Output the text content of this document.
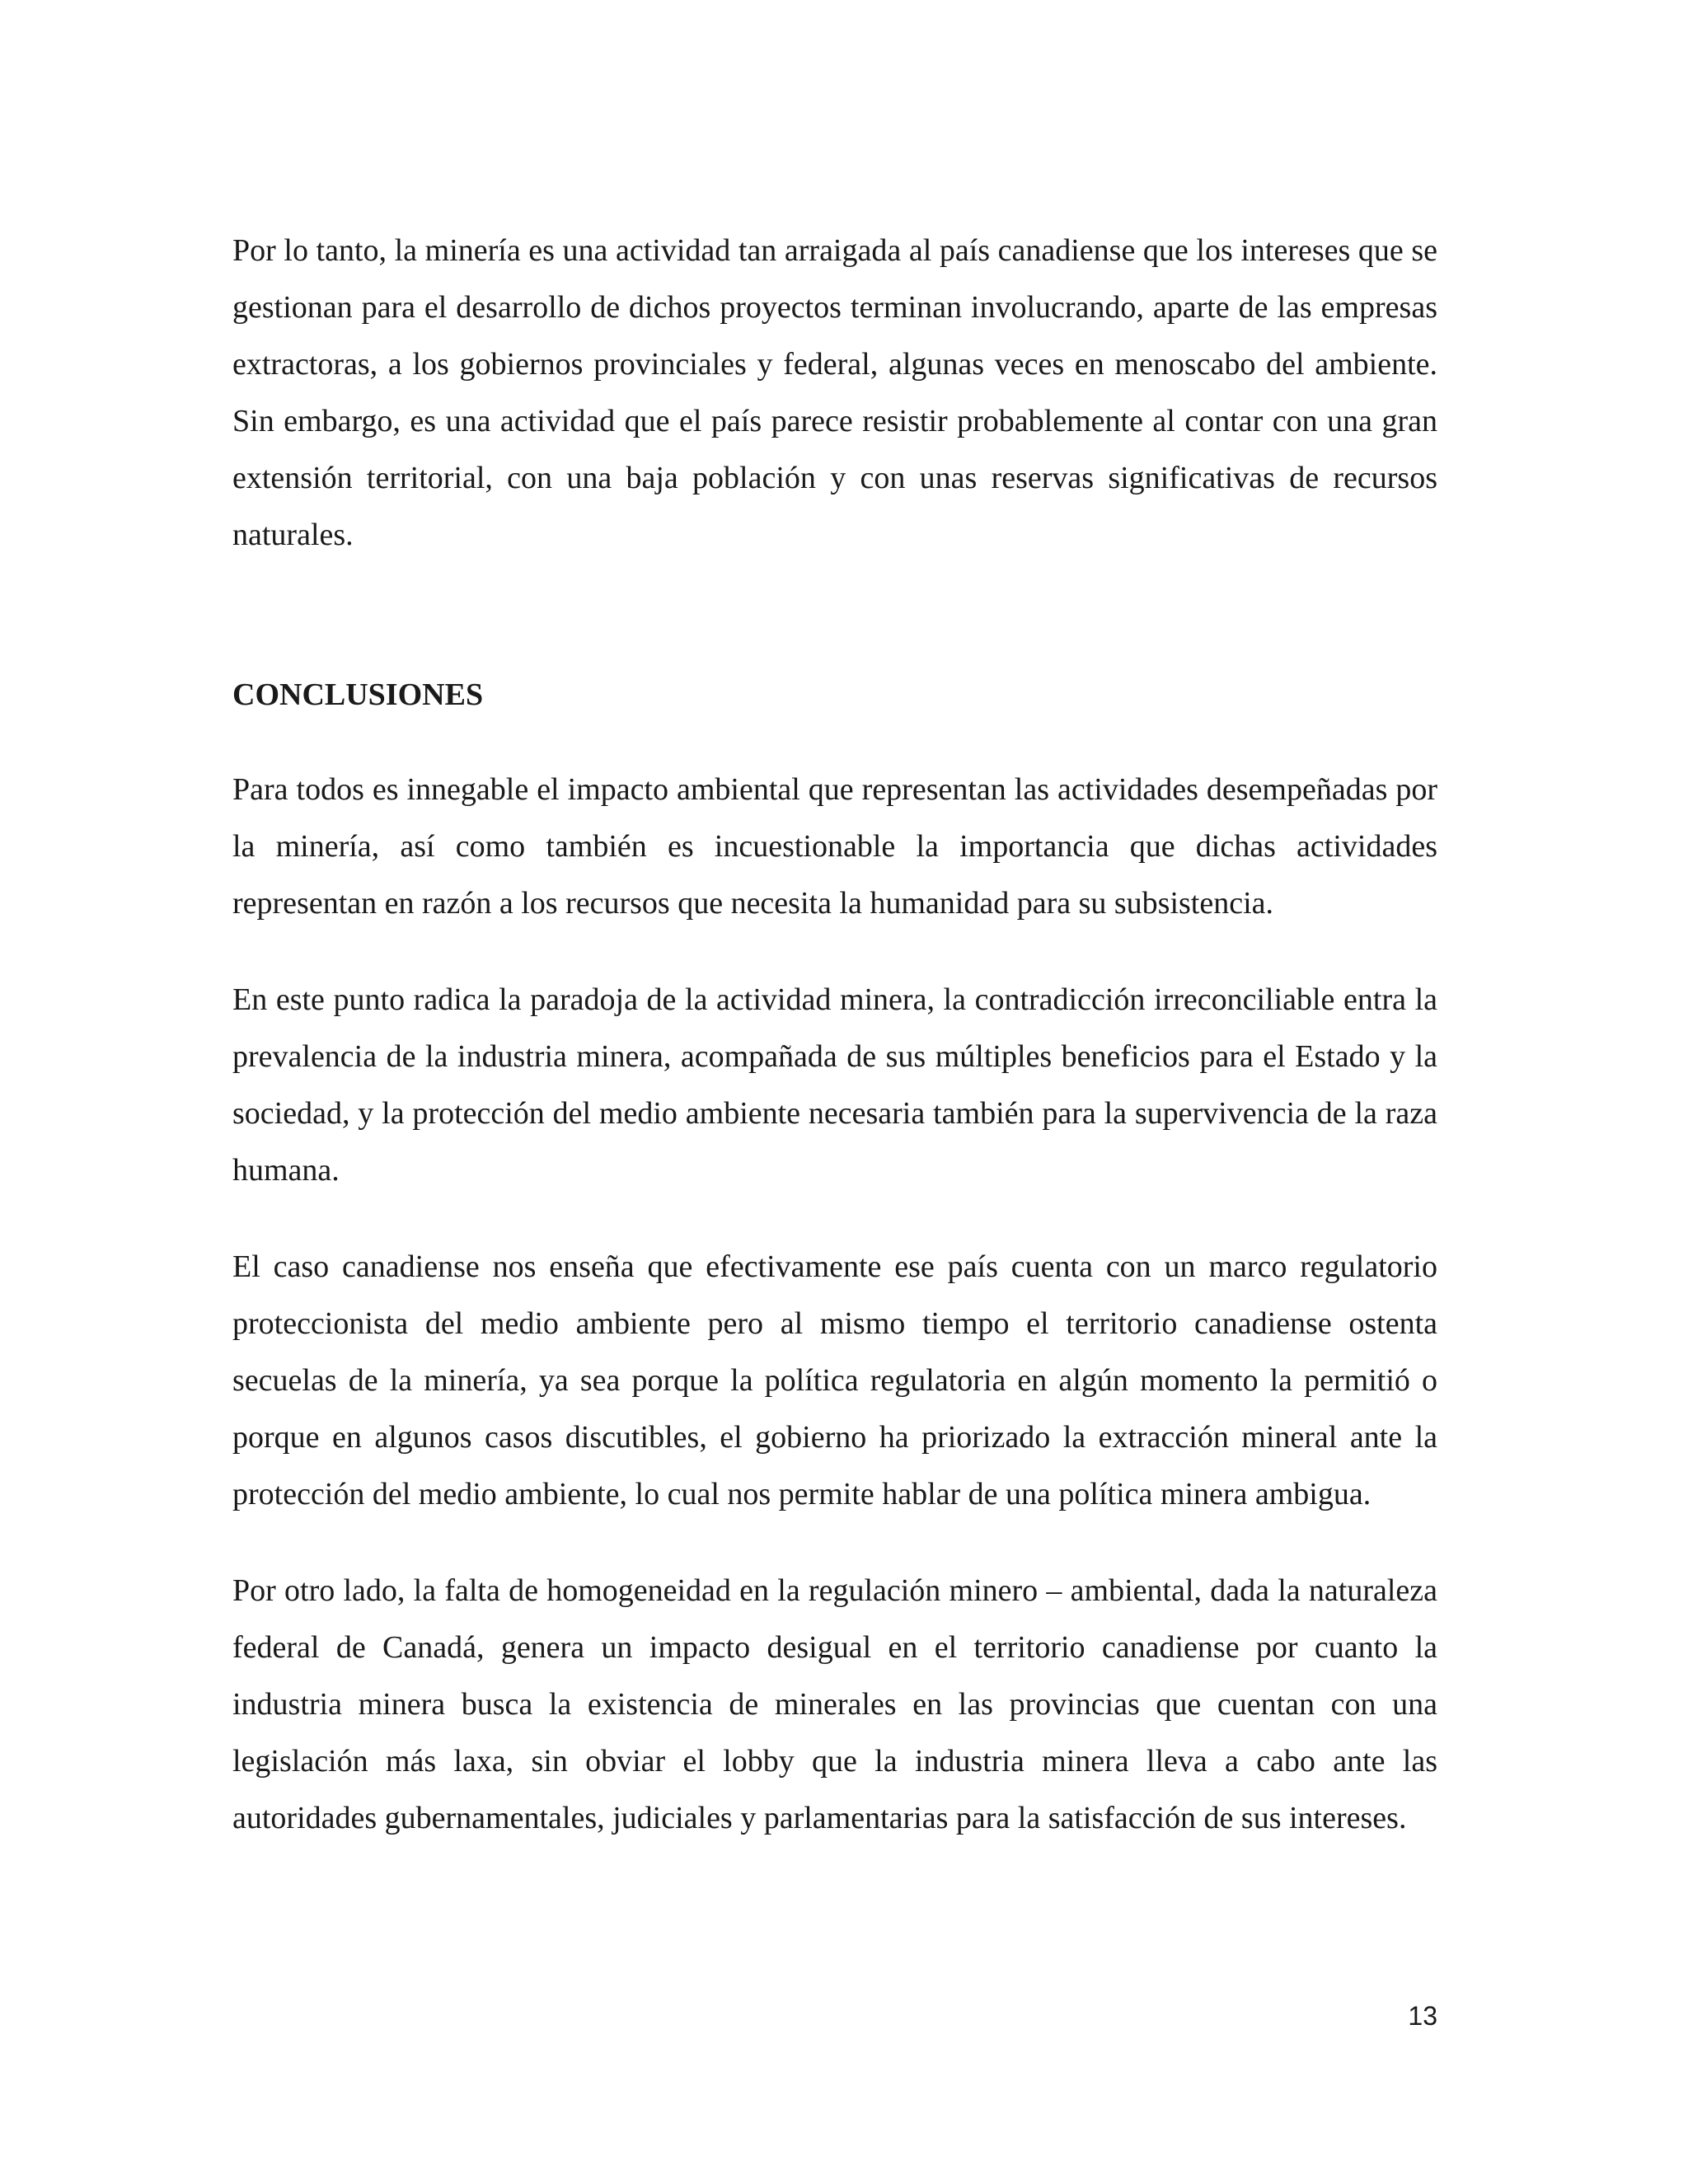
Por lo tanto, la minería es una actividad tan arraigada al país canadiense que los intereses que se gestionan para el desarrollo de dichos proyectos terminan involucrando, aparte de las empresas extractoras, a los gobiernos provinciales y federal, algunas veces en menoscabo del ambiente. Sin embargo, es una actividad que el país parece resistir probablemente al contar con una gran extensión territorial, con una baja población y con unas reservas significativas de recursos naturales.

CONCLUSIONES

Para todos es innegable el impacto ambiental que representan las actividades desempeñadas por la minería, así como también es incuestionable la importancia que dichas actividades representan en razón a los recursos que necesita la humanidad para su subsistencia.

En este punto radica la paradoja de la actividad minera, la contradicción irreconciliable entra la prevalencia de la industria minera, acompañada de sus múltiples beneficios para el Estado y la sociedad, y la protección del medio ambiente necesaria también para la supervivencia de la raza humana.

El caso canadiense nos enseña que efectivamente ese país cuenta con un marco regulatorio proteccionista del medio ambiente pero al mismo tiempo el territorio canadiense ostenta secuelas de la minería, ya sea porque la política regulatoria en algún momento la permitió o porque en algunos casos discutibles, el gobierno ha priorizado la extracción mineral ante la protección del medio ambiente, lo cual nos permite hablar de una política minera ambigua.

Por otro lado, la falta de homogeneidad en la regulación minero – ambiental, dada la naturaleza federal de Canadá, genera un impacto desigual en el territorio canadiense por cuanto la industria minera busca la existencia de minerales en las provincias que cuentan con una legislación más laxa, sin obviar el lobby que la industria minera lleva a cabo ante las autoridades gubernamentales, judiciales y parlamentarias para la satisfacción de sus intereses.

13
